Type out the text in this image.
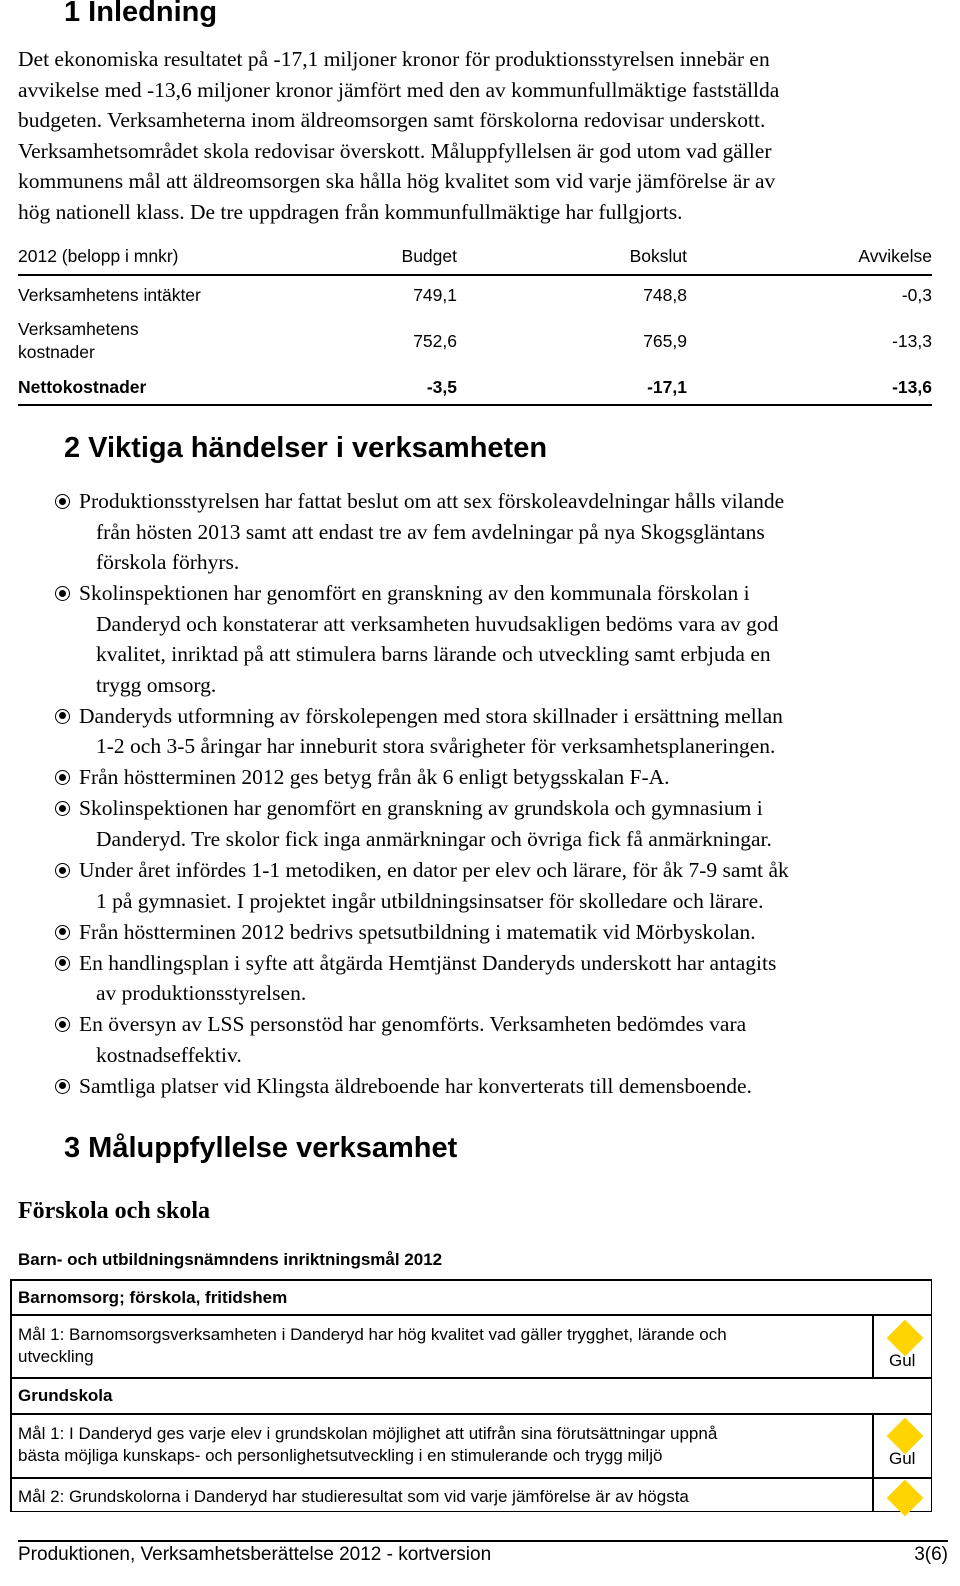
1 Inledning
Det ekonomiska resultatet på -17,1 miljoner kronor för produktionsstyrelsen innebär en
avvikelse med -13,6 miljoner kronor jämfört med den av kommunfullmäktige fastställda
budgeten. Verksamheterna inom äldreomsorgen samt förskolorna redovisar underskott.
Verksamhetsområdet skola redovisar överskott. Måluppfyllelsen är god utom vad gäller
kommunens mål att äldreomsorgen ska hålla hög kvalitet som vid varje jämförelse är av
hög nationell klass. De tre uppdragen från kommunfullmäktige har fullgjorts.
2012 (belopp i mnkr)	Budget	Bokslut	Avvikelse
Verksamhetens intäkter	749,1	748,8	-0,3
Verksamhetens
kostnader
752,6	765,9	-13,3
Nettokostnader	-3,5	-17,1	-13,6
2 Viktiga händelser i verksamheten
Produktionsstyrelsen har fattat beslut om att sex förskoleavdelningar hålls vilande
från hösten 2013 samt att endast tre av fem avdelningar på nya Skogsgläntans
förskola förhyrs.
Skolinspektionen har genomfört en granskning av den kommunala förskolan i
Danderyd och konstaterar att verksamheten huvudsakligen bedöms vara av god
kvalitet, inriktad på att stimulera barns lärande och utveckling samt erbjuda en
trygg omsorg.
Danderyds utformning av förskolepengen med stora skillnader i ersättning mellan
1-2 och 3-5 åringar har inneburit stora svårigheter för verksamhetsplaneringen.
Från höstterminen 2012 ges betyg från åk 6 enligt betygsskalan F-A.
Skolinspektionen har genomfört en granskning av grundskola och gymnasium i
Danderyd. Tre skolor fick inga anmärkningar och övriga fick få anmärkningar.
Under året infördes 1-1 metodiken, en dator per elev och lärare, för åk 7-9 samt åk
1 på gymnasiet. I projektet ingår utbildningsinsatser för skolledare och lärare.
Från höstterminen 2012 bedrivs spetsutbildning i matematik vid Mörbyskolan.
En handlingsplan i syfte att åtgärda Hemtjänst Danderyds underskott har antagits
av produktionsstyrelsen.
En översyn av LSS personstöd har genomförts. Verksamheten bedömdes vara
kostnadseffektiv.
Samtliga platser vid Klingsta äldreboende har konverterats till demensboende.
3 Måluppfyllelse verksamhet
Förskola och skola
Barn- och utbildningsnämndens inriktningsmål 2012
Barnomsorg; förskola, fritidshem
Mål 1: Barnomsorgsverksamheten i Danderyd har hög kvalitet vad gäller trygghet, lärande och
utveckling	Gul
Grundskola
Mål 1: I Danderyd ges varje elev i grundskolan möjlighet att utifrån sina förutsättningar uppnå
bästa möjliga kunskaps- och personlighetsutveckling i en stimulerande och trygg miljö	Gul
Mål 2: Grundskolorna i Danderyd har studieresultat som vid varje jämförelse är av högsta
Produktionen, Verksamhetsberättelse 2012 - kortversion	3(6)
